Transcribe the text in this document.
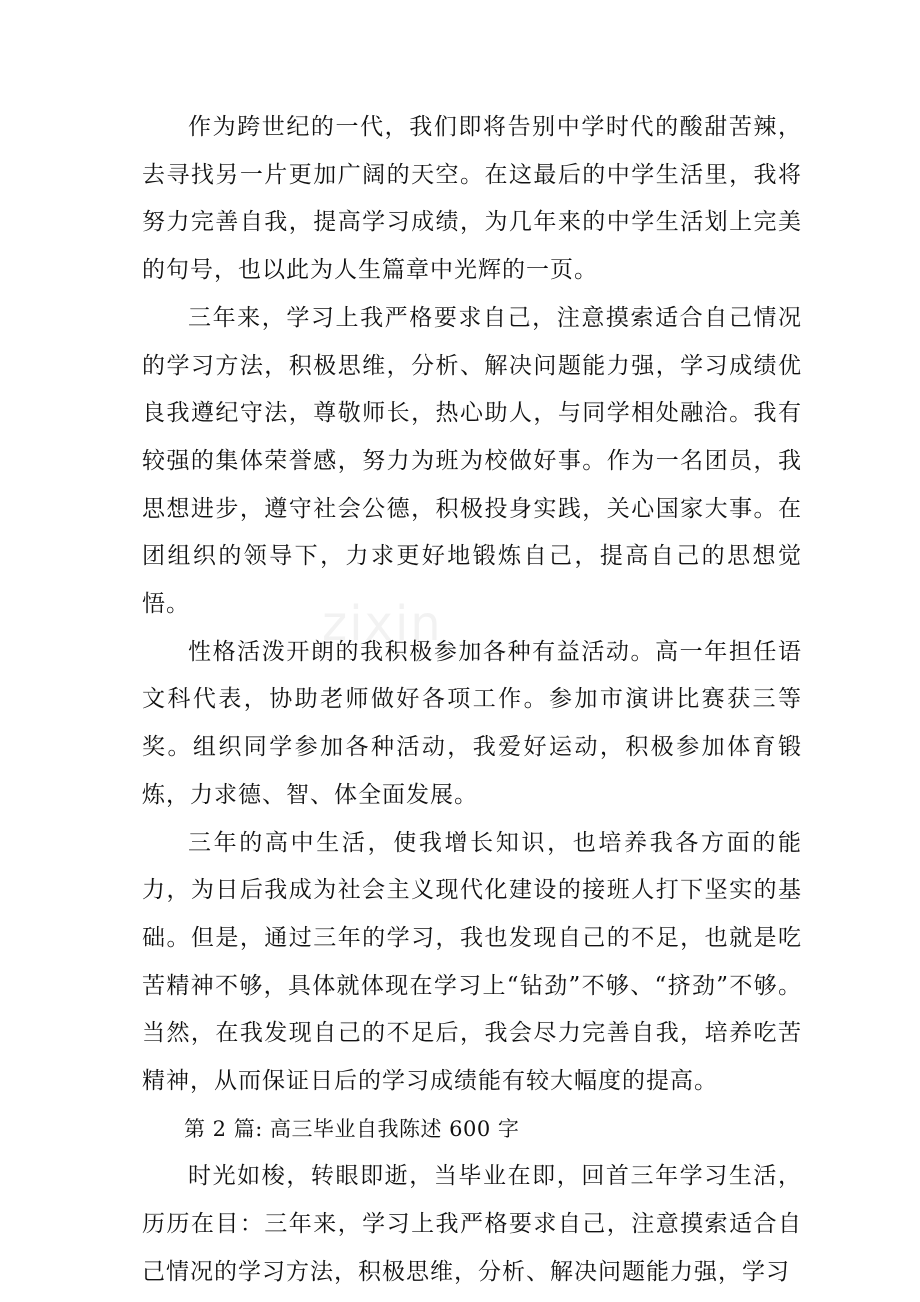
作为跨世纪的一代，我们即将告别中学时代的酸甜苦辣，去寻找另一片更加广阔的天空。在这最后的中学生活里，我将努力完善自我，提高学习成绩，为几年来的中学生活划上完美的句号，也以此为人生篇章中光辉的一页。

三年来，学习上我严格要求自己，注意摸索适合自己情况的学习方法，积极思维，分析、解决问题能力强，学习成绩优良我遵纪守法，尊敬师长，热心助人，与同学相处融洽。我有较强的集体荣誉感，努力为班为校做好事。作为一名团员，我思想进步，遵守社会公德，积极投身实践，关心国家大事。在团组织的领导下，力求更好地锻炼自己，提高自己的思想觉悟。

性格活泼开朗的我积极参加各种有益活动。高一年担任语文科代表，协助老师做好各项工作。参加市演讲比赛获三等奖。组织同学参加各种活动，我爱好运动，积极参加体育锻炼，力求德、智、体全面发展。

三年的高中生活，使我增长知识，也培养我各方面的能力，为日后我成为社会主义现代化建设的接班人打下坚实的基础。但是，通过三年的学习，我也发现自己的不足，也就是吃苦精神不够，具体就体现在学习上“钻劲”不够、“挤劲”不够。当然，在我发现自己的不足后，我会尽力完善自我，培养吃苦精神，从而保证日后的学习成绩能有较大幅度的提高。

第 2 篇: 高三毕业自我陈述 600 字

时光如梭，转眼即逝，当毕业在即，回首三年学习生活，历历在目：三年来，学习上我严格要求自己，注意摸索适合自己情况的学习方法，积极思维，分析、解决问题能力强，学习

zixin
